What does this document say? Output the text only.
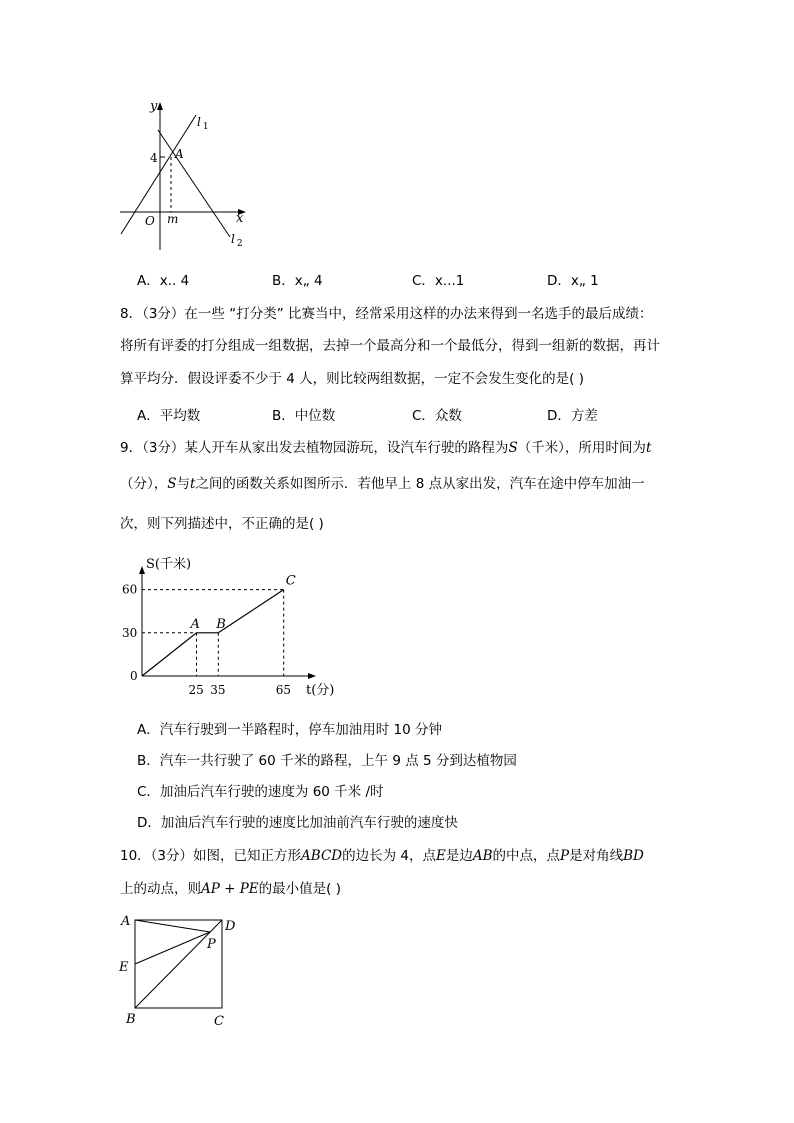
y
x
O
4
m
A
l $_1$
l $_2$
A．x.. 4	B．x„ 4	C．x...1	D．x„ 1
8．（3分）在一些 “打分类” 比赛当中，经常采用这样的办法来得到一名选手的最后成绩：
将所有评委的打分组成一组数据，去掉一个最高分和一个最低分，得到一组新的数据，再计
算平均分．假设评委不少于 4 人，则比较两组数据，一定不会发生变化的是( )
A．平均数	B．中位数	C．众数	D．方差
9．（3分）某人开车从家出发去植物园游玩，设汽车行驶的路程为S（千米），所用时间为t
（分），S与t之间的函数关系如图所示．若他早上 8 点从家出发，汽车在途中停车加油一
次，则下列描述中，不正确的是( )
S(千米)
t(分)
A B
C
25 35	65
0
30
60
A．汽车行驶到一半路程时，停车加油用时 10 分钟
B．汽车一共行驶了 60 千米的路程，上午 9 点 5 分到达植物园
C．加油后汽车行驶的速度为 60 千米 /时
D．加油后汽车行驶的速度比加油前汽车行驶的速度快
10．（3分）如图，已知正方形ABCD的边长为 4，点E是边AB的中点，点P是对角线BD
上的动点，则AP + PE的最小值是( )
A	D
P
E
B	C
